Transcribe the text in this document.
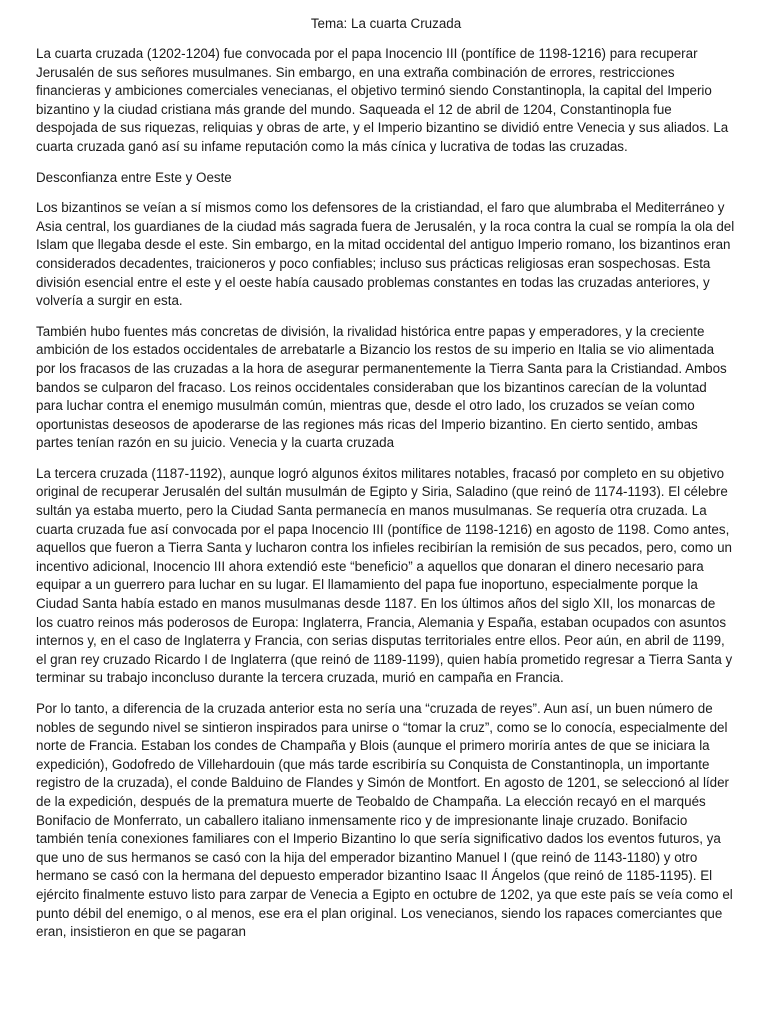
Tema: La cuarta Cruzada

La cuarta cruzada (1202-1204) fue convocada por el papa Inocencio III (pontífice de 1198-1216) para recuperar Jerusalén de sus señores musulmanes. Sin embargo, en una extraña combinación de errores, restricciones financieras y ambiciones comerciales venecianas, el objetivo terminó siendo Constantinopla, la capital del Imperio bizantino y la ciudad cristiana más grande del mundo. Saqueada el 12 de abril de 1204, Constantinopla fue despojada de sus riquezas, reliquias y obras de arte, y el Imperio bizantino se dividió entre Venecia y sus aliados. La cuarta cruzada ganó así su infame reputación como la más cínica y lucrativa de todas las cruzadas.

Desconfianza entre Este y Oeste

Los bizantinos se veían a sí mismos como los defensores de la cristiandad, el faro que alumbraba el Mediterráneo y Asia central, los guardianes de la ciudad más sagrada fuera de Jerusalén, y la roca contra la cual se rompía la ola del Islam que llegaba desde el este. Sin embargo, en la mitad occidental del antiguo Imperio romano, los bizantinos eran considerados decadentes, traicioneros y poco confiables; incluso sus prácticas religiosas eran sospechosas. Esta división esencial entre el este y el oeste había causado problemas constantes en todas las cruzadas anteriores, y volvería a surgir en esta.

También hubo fuentes más concretas de división, la rivalidad histórica entre papas y emperadores, y la creciente ambición de los estados occidentales de arrebatarle a Bizancio los restos de su imperio en Italia se vio alimentada por los fracasos de las cruzadas a la hora de asegurar permanentemente la Tierra Santa para la Cristiandad. Ambos bandos se culparon del fracaso. Los reinos occidentales consideraban que los bizantinos carecían de la voluntad para luchar contra el enemigo musulmán común, mientras que, desde el otro lado, los cruzados se veían como oportunistas deseosos de apoderarse de las regiones más ricas del Imperio bizantino. En cierto sentido, ambas partes tenían razón en su juicio. Venecia y la cuarta cruzada

La tercera cruzada (1187-1192), aunque logró algunos éxitos militares notables, fracasó por completo en su objetivo original de recuperar Jerusalén del sultán musulmán de Egipto y Siria, Saladino (que reinó de 1174-1193). El célebre sultán ya estaba muerto, pero la Ciudad Santa permanecía en manos musulmanas. Se requería otra cruzada. La cuarta cruzada fue así convocada por el papa Inocencio III (pontífice de 1198-1216) en agosto de 1198. Como antes, aquellos que fueron a Tierra Santa y lucharon contra los infieles recibirían la remisión de sus pecados, pero, como un incentivo adicional, Inocencio III ahora extendió este “beneficio” a aquellos que donaran el dinero necesario para equipar a un guerrero para luchar en su lugar. El llamamiento del papa fue inoportuno, especialmente porque la Ciudad Santa había estado en manos musulmanas desde 1187. En los últimos años del siglo XII, los monarcas de los cuatro reinos más poderosos de Europa: Inglaterra, Francia, Alemania y España, estaban ocupados con asuntos internos y, en el caso de Inglaterra y Francia, con serias disputas territoriales entre ellos. Peor aún, en abril de 1199, el gran rey cruzado Ricardo I de Inglaterra (que reinó de 1189-1199), quien había prometido regresar a Tierra Santa y terminar su trabajo inconcluso durante la tercera cruzada, murió en campaña en Francia.

Por lo tanto, a diferencia de la cruzada anterior esta no sería una “cruzada de reyes”. Aun así, un buen número de nobles de segundo nivel se sintieron inspirados para unirse o “tomar la cruz”, como se lo conocía, especialmente del norte de Francia. Estaban los condes de Champaña y Blois (aunque el primero moriría antes de que se iniciara la expedición), Godofredo de Villehardouin (que más tarde escribiría su Conquista de Constantinopla, un importante registro de la cruzada), el conde Balduino de Flandes y Simón de Montfort. En agosto de 1201, se seleccionó al líder de la expedición, después de la prematura muerte de Teobaldo de Champaña. La elección recayó en el marqués Bonifacio de Monferrato, un caballero italiano inmensamente rico y de impresionante linaje cruzado. Bonifacio también tenía conexiones familiares con el Imperio Bizantino lo que sería significativo dados los eventos futuros, ya que uno de sus hermanos se casó con la hija del emperador bizantino Manuel I (que reinó de 1143-1180) y otro hermano se casó con la hermana del depuesto emperador bizantino Isaac II Ángelos (que reinó de 1185-1195). El ejército finalmente estuvo listo para zarpar de Venecia a Egipto en octubre de 1202, ya que este país se veía como el punto débil del enemigo, o al menos, ese era el plan original. Los venecianos, siendo los rapaces comerciantes que eran, insistieron en que se pagaran
